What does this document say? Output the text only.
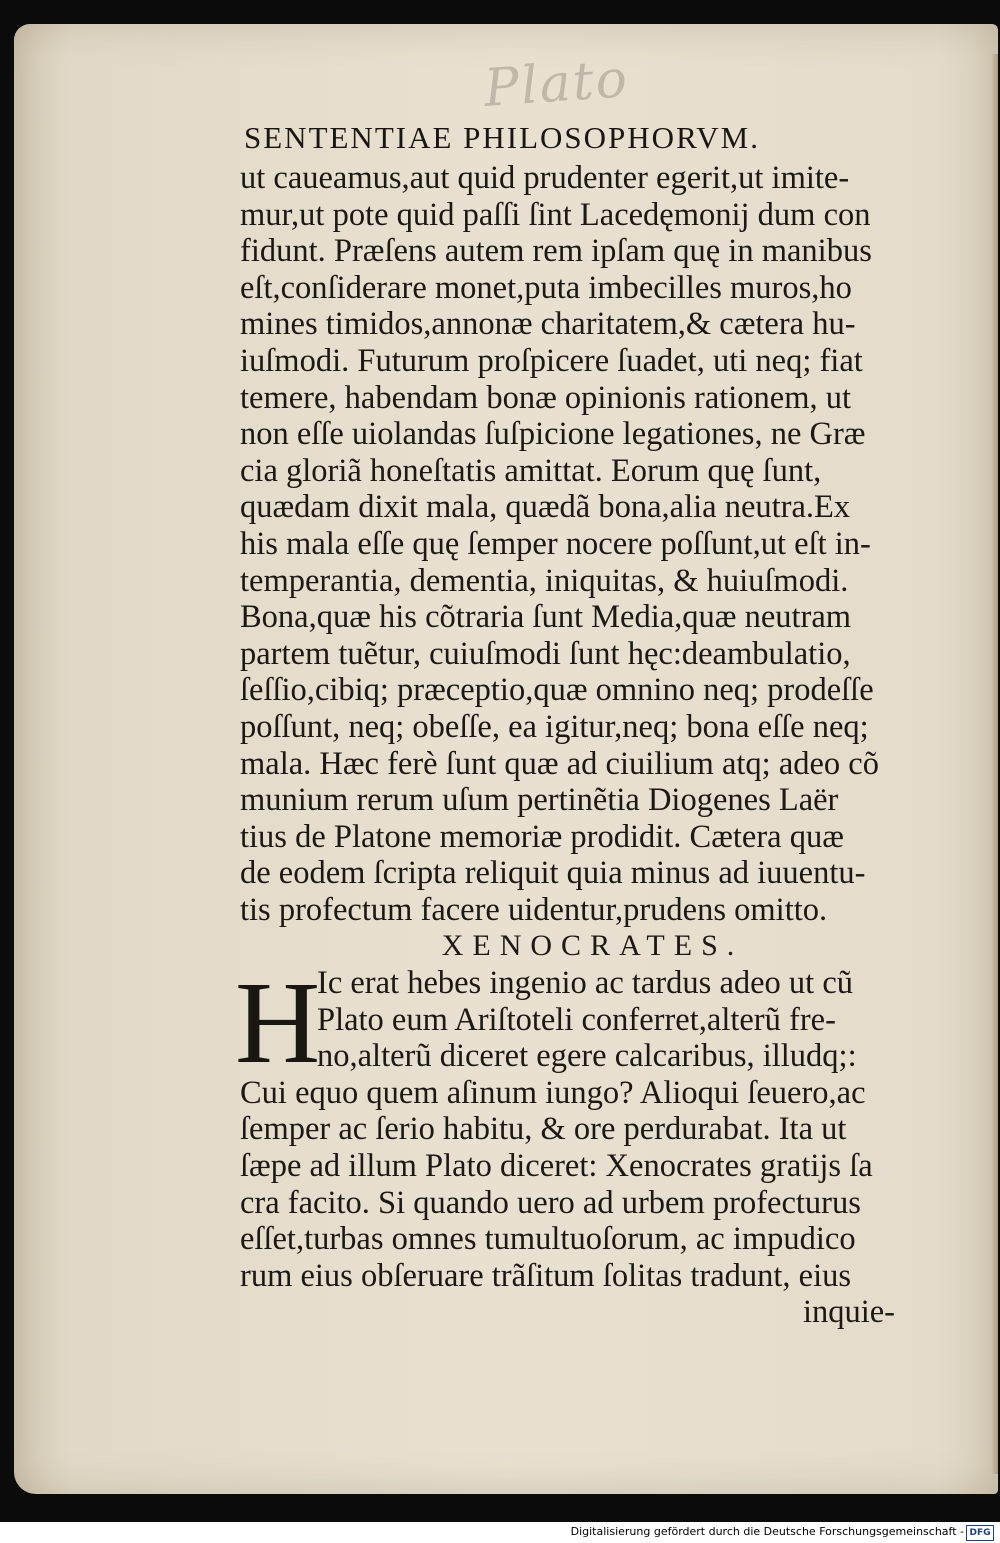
Plato
SENTENTIAE PHILOSOPHORVM.
ut caueamus,aut quid prudenter egerit,ut imite-
mur,ut pote quid paſſi ſint Lacedęmonij dum con
fidunt. Præſens autem rem ipſam quę in manibus
eſt,conſiderare monet,puta imbecilles muros,ho
mines timidos,annonæ charitatem,& cætera hu-
iuſmodi. Futurum proſpicere ſuadet, uti neq; fiat
temere, habendam bonæ opinionis rationem, ut
non eſſe uiolandas ſuſpicione legationes, ne Græ
cia gloriã honeſtatis amittat. Eorum quę ſunt,
quædam dixit mala, quædã bona,alia neutra.Ex
his mala eſſe quę ſemper nocere poſſunt,ut eſt in-
temperantia, dementia, iniquitas, & huiuſmodi.
Bona,quæ his cõtraria ſunt Media,quæ neutram
partem tuẽtur, cuiuſmodi ſunt hęc:deambulatio,
ſeſſio,cibiq; præceptio,quæ omnino neq; prodeſſe
poſſunt, neq; obeſſe, ea igitur,neq; bona eſſe neq;
mala. Hæc ferè ſunt quæ ad ciuilium atq; adeo cõ
munium rerum uſum pertinẽtia Diogenes Laër
tius de Platone memoriæ prodidit. Cætera quæ
de eodem ſcripta reliquit quia minus ad iuuentu-
tis profectum facere uidentur,prudens omitto.
XENOCRATES.
H
Ic erat hebes ingenio ac tardus adeo ut cũ
Plato eum Ariſtoteli conferret,alterũ fre-
no,alterũ diceret egere calcaribus, illudq;:
Cui equo quem aſinum iungo? Alioqui ſeuero,ac
ſemper ac ſerio habitu, & ore perdurabat. Ita ut
ſæpe ad illum Plato diceret: Xenocrates gratijs ſa
cra facito. Si quando uero ad urbem profecturus
eſſet,turbas omnes tumultuoſorum, ac impudico
rum eius obſeruare trãſitum ſolitas tradunt, eius
inquie-
Digitalisierung gefördert durch die Deutsche Forschungsgemeinschaft - DFG
